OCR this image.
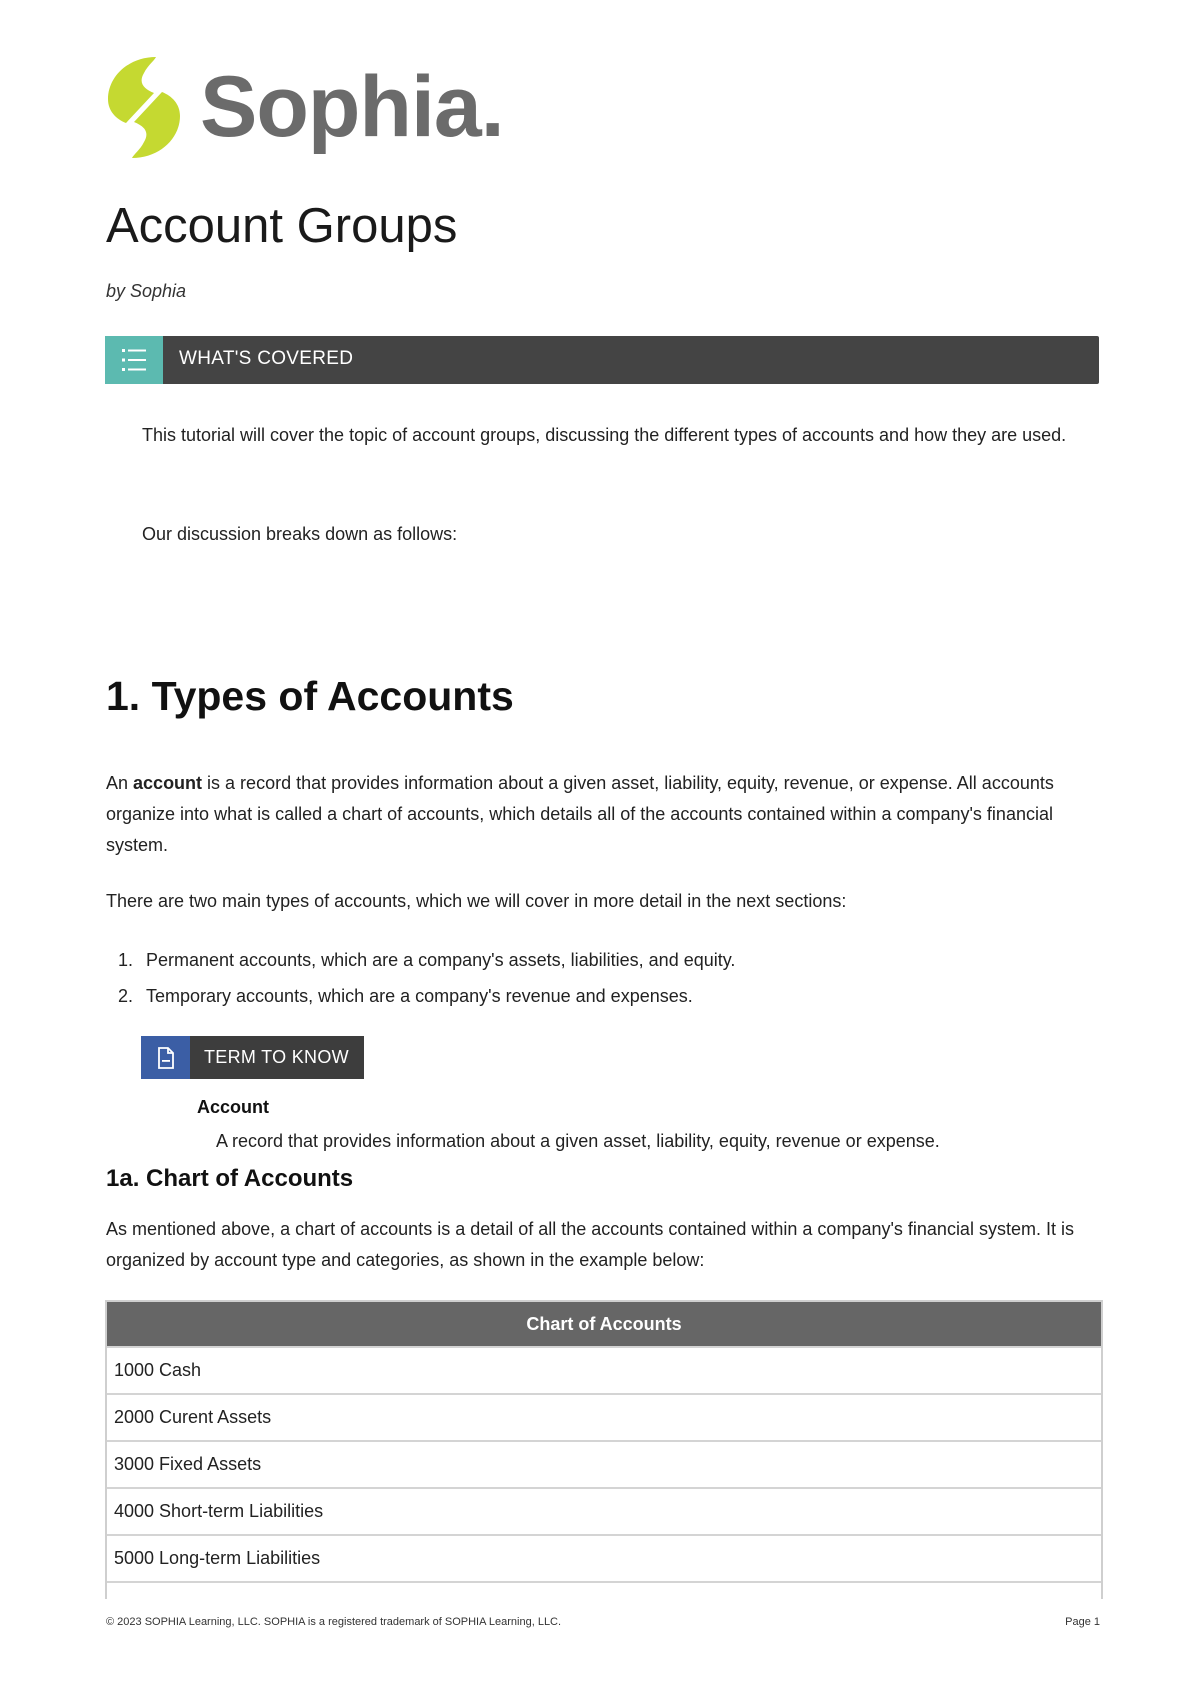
Sophia.
Account Groups
by Sophia
WHAT'S COVERED
This tutorial will cover the topic of account groups, discussing the different types of accounts and how they are used.
Our discussion breaks down as follows:
1. Types of Accounts
An account is a record that provides information about a given asset, liability, equity, revenue, or expense. All accounts organize into what is called a chart of accounts, which details all of the accounts contained within a company's financial system.
There are two main types of accounts, which we will cover in more detail in the next sections:
1. Permanent accounts, which are a company's assets, liabilities, and equity.
2. Temporary accounts, which are a company's revenue and expenses.
TERM TO KNOW
Account
A record that provides information about a given asset, liability, equity, revenue or expense.
1a. Chart of Accounts
As mentioned above, a chart of accounts is a detail of all the accounts contained within a company's financial system. It is organized by account type and categories, as shown in the example below:
Chart of Accounts
1000 Cash
2000 Curent Assets
3000 Fixed Assets
4000 Short-term Liabilities
5000 Long-term Liabilities
© 2023 SOPHIA Learning, LLC. SOPHIA is a registered trademark of SOPHIA Learning, LLC.	Page 1
